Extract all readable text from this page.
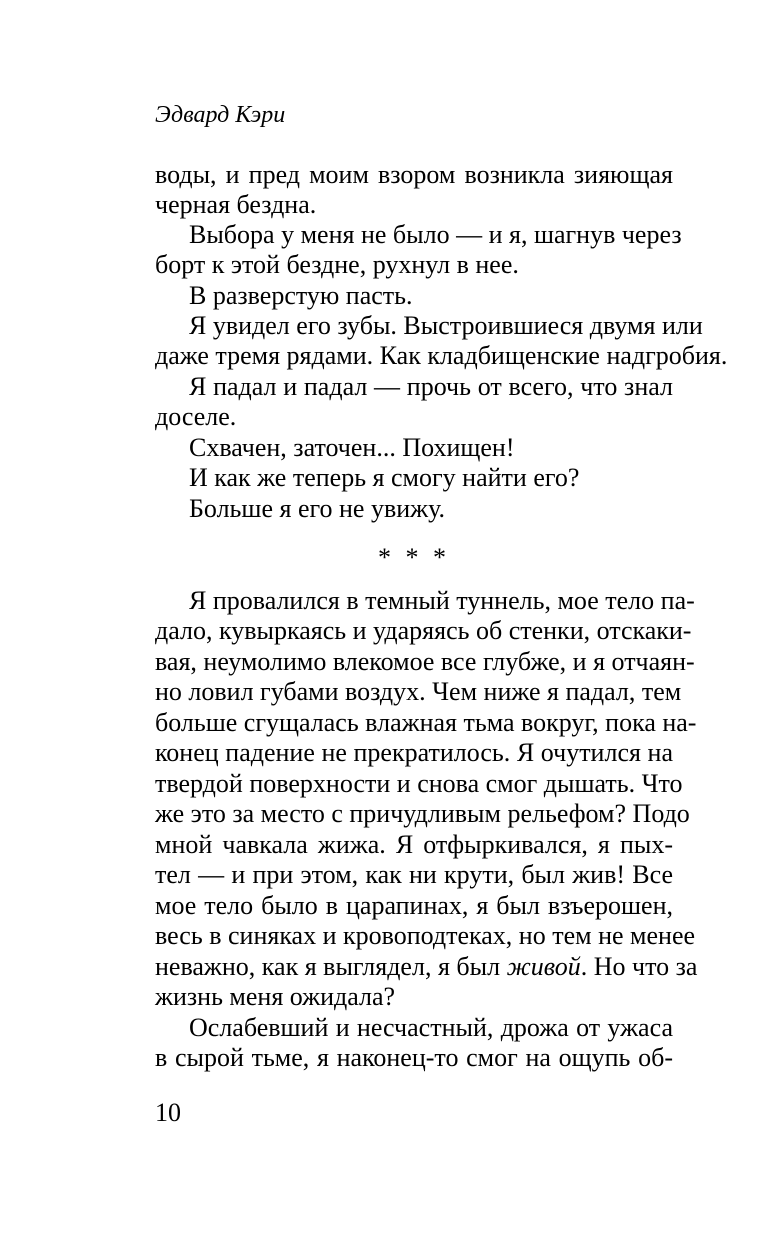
Эдвард Кэри
воды, и пред моим взором возникла зияющая
черная бездна.
Выбора у меня не было — и я, шагнув через
борт к этой бездне, рухнул в нее.
В разверстую пасть.
Я увидел его зубы. Выстроившиеся двумя или
даже тремя рядами. Как кладбищенские надгробия.
Я падал и падал — прочь от всего, что знал
доселе.
Схвачен, заточен... Похищен!
И как же теперь я смогу найти его?
Больше я его не увижу.
* * *
Я провалился в темный туннель, мое тело па-
дало, кувыркаясь и ударяясь об стенки, отскаки-
вая, неумолимо влекомое все глубже, и я отчаян-
но ловил губами воздух. Чем ниже я падал, тем
больше сгущалась влажная тьма вокруг, пока на-
конец падение не прекратилось. Я очутился на
твердой поверхности и снова смог дышать. Что
же это за место с причудливым рельефом? Подо
мной чавкала жижа. Я отфыркивался, я пых-
тел — и при этом, как ни крути, был жив! Все
мое тело было в царапинах, я был взъерошен,
весь в синяках и кровоподтеках, но тем не менее
неважно, как я выглядел, я был живой. Но что за
жизнь меня ожидала?
Ослабевший и несчастный, дрожа от ужаса
в сырой тьме, я наконец-то смог на ощупь об-
10
